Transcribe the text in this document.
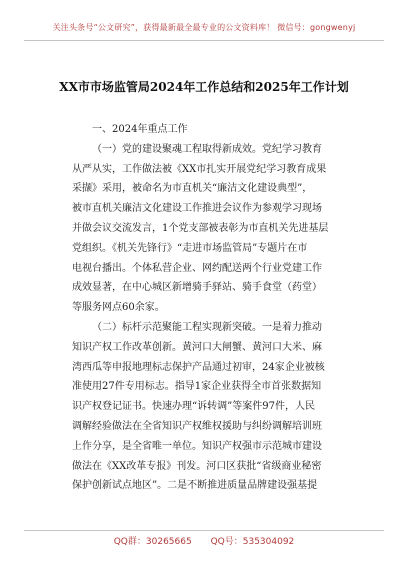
关注头条号“公文研究”，获得最新最全最专业的公文资料库！ 微信号：gongwenyj
XX市市场监管局2024年工作总结和2025年工作计划
一、2024年重点工作
（一）党的建设聚魂工程取得新成效。党纪学习教育
从严从实，工作做法被《XX市扎实开展党纪学习教育成果
采撷》采用，被命名为市直机关“廉洁文化建设典型”，
被市直机关廉洁文化建设工作推进会议作为参观学习现场
并做会议交流发言，1个党支部被表彰为市直机关先进基层
党组织。《机关先锋行》“走进市场监管局”专题片在市
电视台播出。个体私营企业、网约配送两个行业党建工作
成效显著，在中心城区新增骑手驿站、骑手食堂（药堂）
等服务网点60余家。
（二）标杆示范聚能工程实现新突破。一是着力推动
知识产权工作改革创新。黄河口大闸蟹、黄河口大米、麻
湾西瓜等申报地理标志保护产品通过初审，24家企业被核
准使用27件专用标志。指导1家企业获得全市首张数据知
识产权登记证书。快速办理“诉转调”等案件97件，人民
调解经验做法在全省知识产权维权援助与纠纷调解培训班
上作分享，是全省唯一单位。知识产权强市示范城市建设
做法在《XX改革专报》刊发。河口区获批“省级商业秘密
保护创新试点地区”。二是不断推进质量品牌建设强基提
QQ群：30265665 QQ号：535304092
